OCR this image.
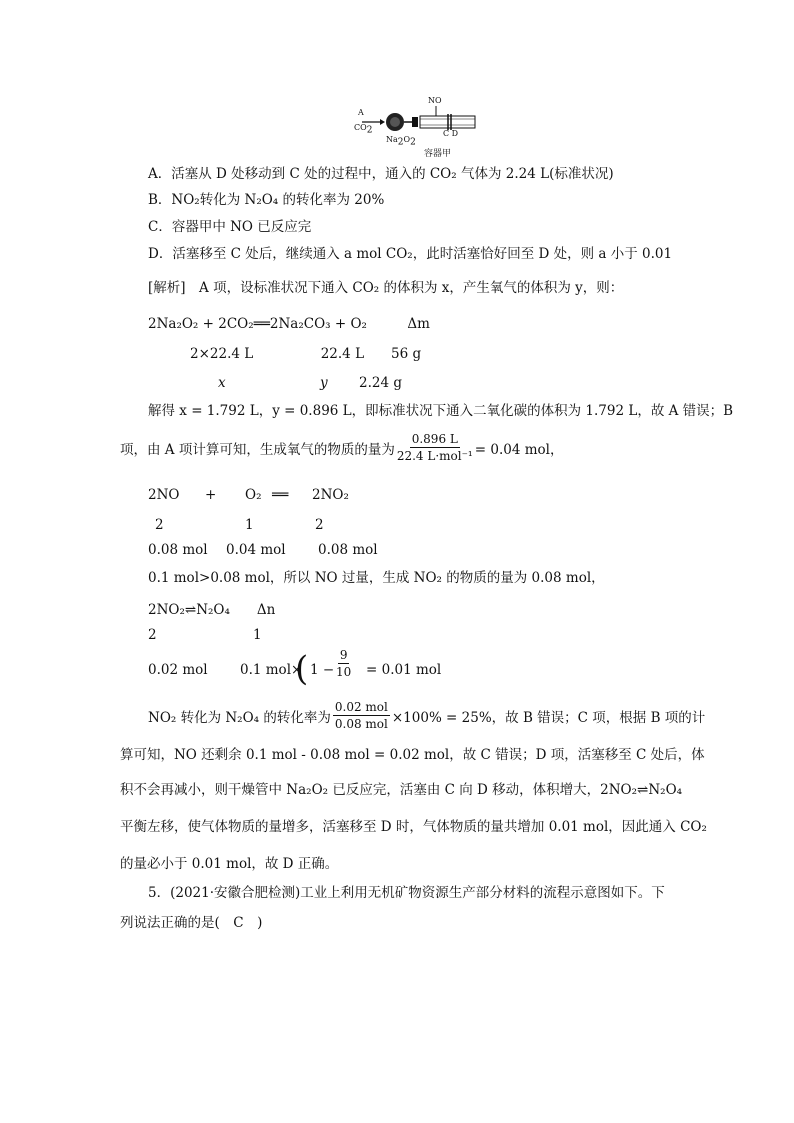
A
$CO_2$
$Na_2O_2$
NO
C D
容器甲
A．活塞从 D 处移动到 C 处的过程中，通入的 CO₂ 气体为 2.24 L(标准状况)
B．NO₂转化为 N₂O₄ 的转化率为 20%
C．容器甲中 NO 已反应完
D．活塞移至 C 处后，继续通入 a mol CO₂，此时活塞恰好回至 D 处，则 a 小于 0.01
[解析]　A 项，设标准状况下通入 CO₂ 的体积为 x，产生氧气的体积为 y，则：
2Na₂O₂ + 2CO₂══2Na₂CO₃ + O₂　　　Δm
2×22.4 L　　　　　22.4 L　　56 g
x	y 2.24 g
解得 x = 1.792 L，y = 0.896 L，即标准状况下通入二氧化碳的体积为 1.792 L，故 A 错误；B
项，由 A 项计算可知，生成氧气的物质的量为 $\frac{0.896 L}{\text{22.4 L·mol⁻¹}} = 0.04$ mol，
2NO + O₂ ══ 2NO₂
2	1	2
0.08 mol 0.04 mol 0.08 mol
0.1 mol>0.08 mol，所以 NO 过量，生成 NO₂ 的物质的量为 0.08 mol，
2NO₂⇌N₂O₄　　Δn
2	1
0.02 mol 0.1 mol×
( $1 - \frac{9}{10} = 0.01$ mol
NO₂ 转化为 N₂O₄ 的转化率为 $\frac{\text{0.02 mol}}{\text{0.08 mol}} \times 100\% = 25\%$，故 B 错误；C 项，根据 B 项的计
算可知，NO 还剩余 0.1 mol - 0.08 mol = 0.02 mol，故 C 错误；D 项，活塞移至 C 处后，体
积不会再减小，则干燥管中 Na₂O₂ 已反应完，活塞由 C 向 D 移动，体积增大，2NO₂⇌N₂O₄
平衡左移，使气体物质的量增多，活塞移至 D 时，气体物质的量共增加 0.01 mol，因此通入 CO₂
的量必小于 0.01 mol，故 D 正确。
5．(2021·安徽合肥检测)工业上利用无机矿物资源生产部分材料的流程示意图如下。下
列说法正确的是(　C　)
